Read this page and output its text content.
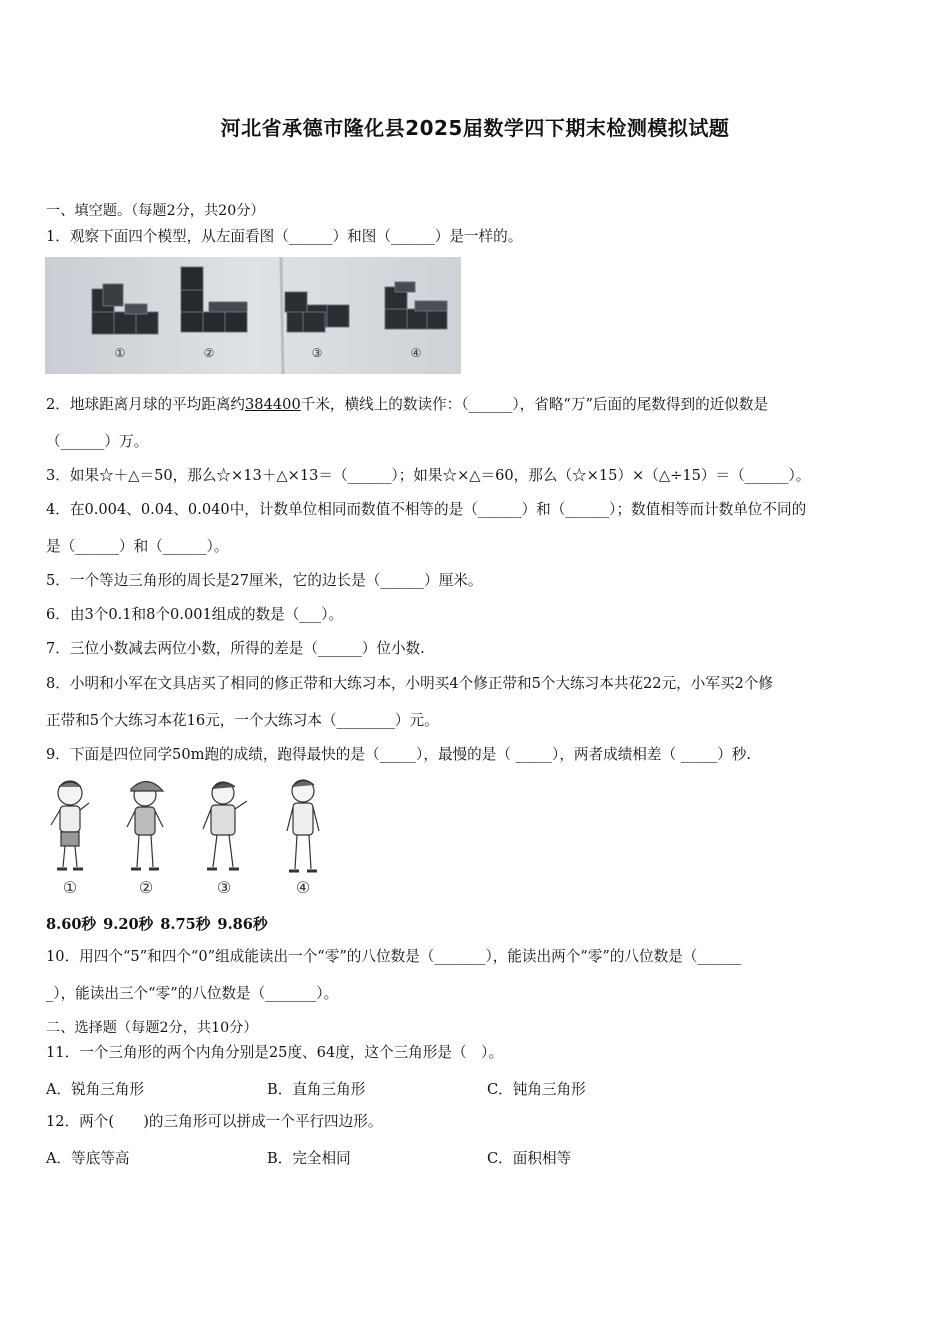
河北省承德市隆化县2025届数学四下期末检测模拟试题
一、填空题。（每题2分，共20分）
1．观察下面四个模型，从左面看图（______）和图（______）是一样的。
①	②	③	④
2．地球距离月球的平均距离约384400千米，横线上的数读作：（______），省略“万”后面的尾数得到的近似数是
（______）万。
3．如果☆＋△＝50，那么☆×13＋△×13＝（______）；如果☆×△＝60，那么（☆×15）×（△÷15）＝（______）。
4．在0.004、0.04、0.040中，计数单位相同而数值不相等的是（______）和（______）；数值相等而计数单位不同的
是（______）和（______）。
5．一个等边三角形的周长是27厘米，它的边长是（______）厘米。
6．由3个0.1和8个0.001组成的数是（___）。
7．三位小数减去两位小数，所得的差是（______）位小数.
8．小明和小军在文具店买了相同的修正带和大练习本，小明买4个修正带和5个大练习本共花22元，小军买2个修
正带和5个大练习本花16元，一个大练习本（________）元。
9．下面是四位同学50m跑的成绩，跑得最快的是（_____），最慢的是（ _____），两者成绩相差（ _____）秒.
①	②	③	④
8.60秒 9.20秒 8.75秒 9.86秒
10．用四个“5”和四个“0”组成能读出一个“零”的八位数是（_______），能读出两个“零”的八位数是（______
_），能读出三个“零”的八位数是（_______）。
二、选择题（每题2分，共10分）
11．一个三角形的两个内角分别是25度、64度，这个三角形是（　）。
A．锐角三角形	B．直角三角形	C．钝角三角形
12．两个(　　)的三角形可以拼成一个平行四边形。
A．等底等高	B．完全相同	C．面积相等
